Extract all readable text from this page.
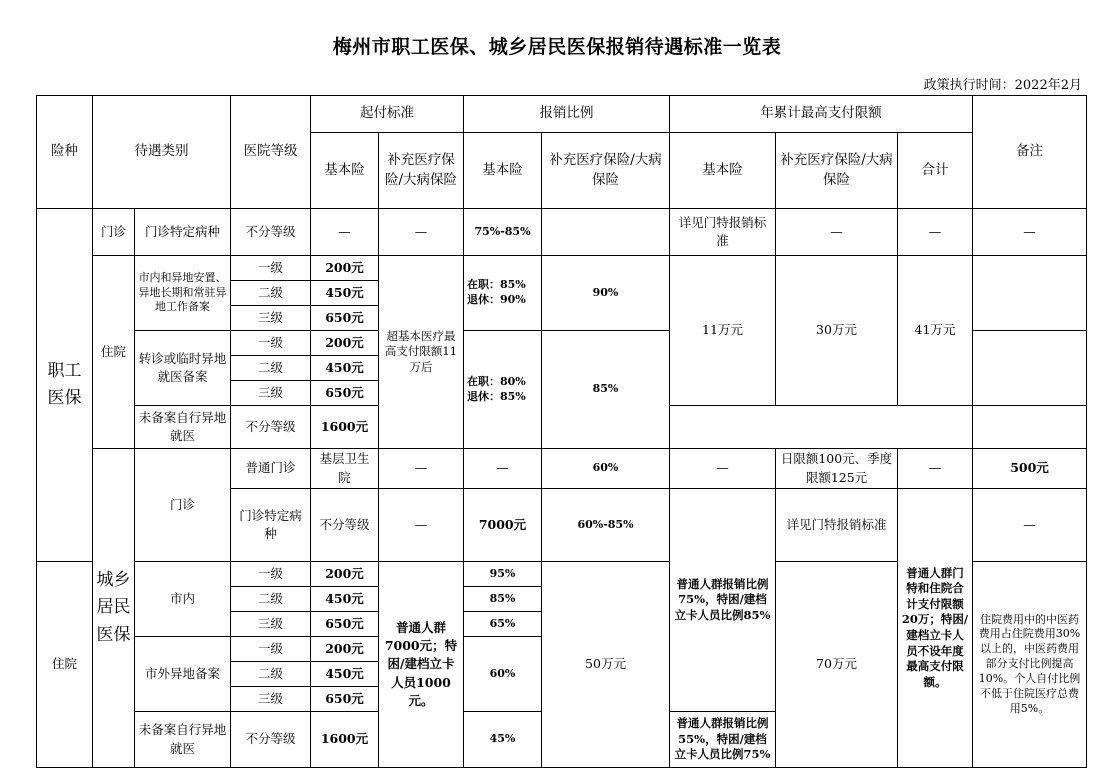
梅州市职工医保、城乡居民医保报销待遇标准一览表
政策执行时间：2022年2月
险种	待遇类别		医院等级	起付标准		报销比例		年累计最高支付限额			备注	
				基本险	补充医疗保险/大病保险	基本险	补充医疗保险/大病保险	基本险	补充医疗保险/大病保险	合计		
职工医保	门诊	门诊特定病种	不分等级	—	—	75%-85%		详见门特报销标准	—	—	—	
	住院	市内和异地安置、异地长期和常驻异地工作备案	一级	200元	超基本医疗最高支付限额11万后	在职：85% 退休：90%	90%	11万元	30万元	41万元		
			二级	450元								
			三级	650元								
		转诊或临时异地就医备案	一级	200元		在职：80% 退休：85%	85%					
			二级	450元								
			三级	650元								
		未备案自行异地就医	不分等级	1600元								
	城乡居民医保	门诊	普通门诊	基层卫生院	—	—	60%	—	日限额100元、季度限额125元	—	500元	
			门诊特定病种	不分等级	—	7000元	60%-85%	普通人群报销比例75%，特困/建档立卡人员比例85%	详见门特报销标准	普通人群门特和住院合计支付限额20万；特困/建档立卡人员不设年度最高支付限额。	—	
住院		市内	一级	200元	普通人群7000元；特困/建档立卡人员1000元。	95%	50万元		70万元		住院费用中的中医药费用占住院费用30%以上的，中医药费用部分支付比例提高10%。个人自付比例不低于住院医疗总费用5%。	
			二级	450元		85%						
			三级	650元		65%						
		市外异地备案	一级	200元		60%						
			二级	450元								
			三级	650元								
		未备案自行异地就医	不分等级	1600元		45%		普通人群报销比例55%，特困/建档立卡人员比例75%				
